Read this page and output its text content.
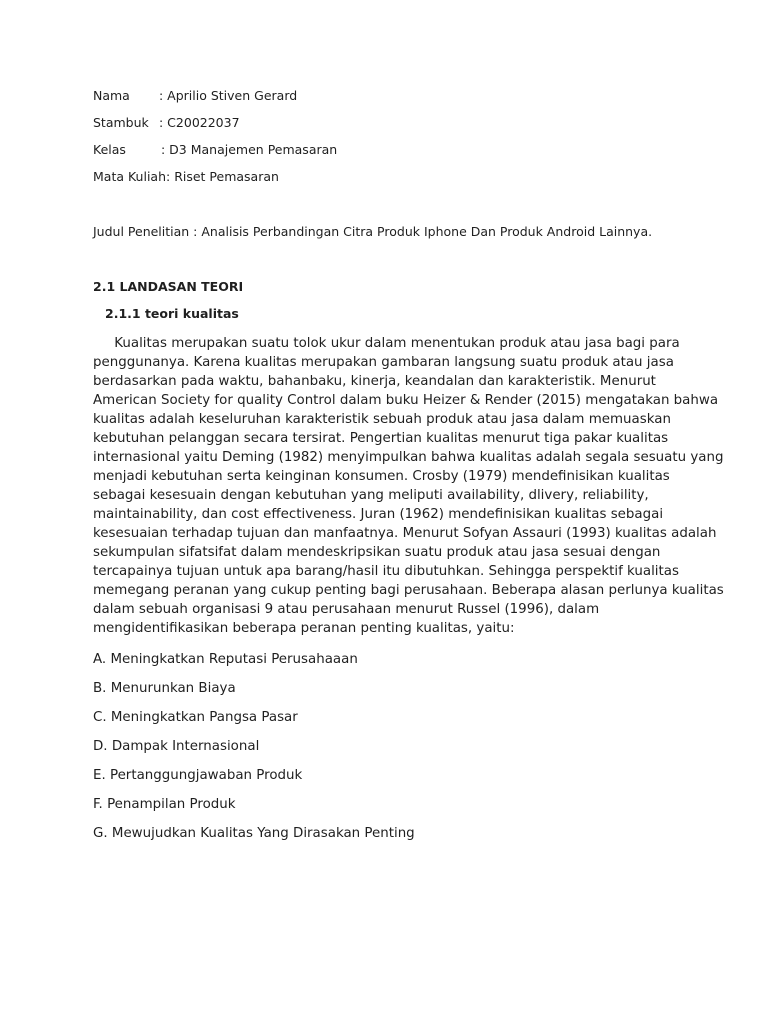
Nama : Aprilio Stiven Gerard

Stambuk : C20022037

Kelas	: D3 Manajemen Pemasaran

Mata Kuliah: Riset Pemasaran

Judul Penelitian : Analisis Perbandingan Citra Produk Iphone Dan Produk Android Lainnya.

2.1 LANDASAN TEORI

2.1.1 teori kualitas

Kualitas merupakan suatu tolok ukur dalam menentukan produk atau jasa bagi para
penggunanya. Karena kualitas merupakan gambaran langsung suatu produk atau jasa
berdasarkan pada waktu, bahanbaku, kinerja, keandalan dan karakteristik. Menurut
American Society for quality Control dalam buku Heizer & Render (2015) mengatakan bahwa
kualitas adalah keseluruhan karakteristik sebuah produk atau jasa dalam memuaskan
kebutuhan pelanggan secara tersirat. Pengertian kualitas menurut tiga pakar kualitas
internasional yaitu Deming (1982) menyimpulkan bahwa kualitas adalah segala sesuatu yang
menjadi kebutuhan serta keinginan konsumen. Crosby (1979) mendefinisikan kualitas
sebagai kesesuain dengan kebutuhan yang meliputi availability, dlivery, reliability,
maintainability, dan cost effectiveness. Juran (1962) mendefinisikan kualitas sebagai
kesesuaian terhadap tujuan dan manfaatnya. Menurut Sofyan Assauri (1993) kualitas adalah
sekumpulan sifatsifat dalam mendeskripsikan suatu produk atau jasa sesuai dengan
tercapainya tujuan untuk apa barang/hasil itu dibutuhkan. Sehingga perspektif kualitas
memegang peranan yang cukup penting bagi perusahaan. Beberapa alasan perlunya kualitas
dalam sebuah organisasi 9 atau perusahaan menurut Russel (1996), dalam
mengidentifikasikan beberapa peranan penting kualitas, yaitu:

A. Meningkatkan Reputasi Perusahaaan

B. Menurunkan Biaya

C. Meningkatkan Pangsa Pasar

D. Dampak Internasional

E. Pertanggungjawaban Produk

F. Penampilan Produk

G. Mewujudkan Kualitas Yang Dirasakan Penting
